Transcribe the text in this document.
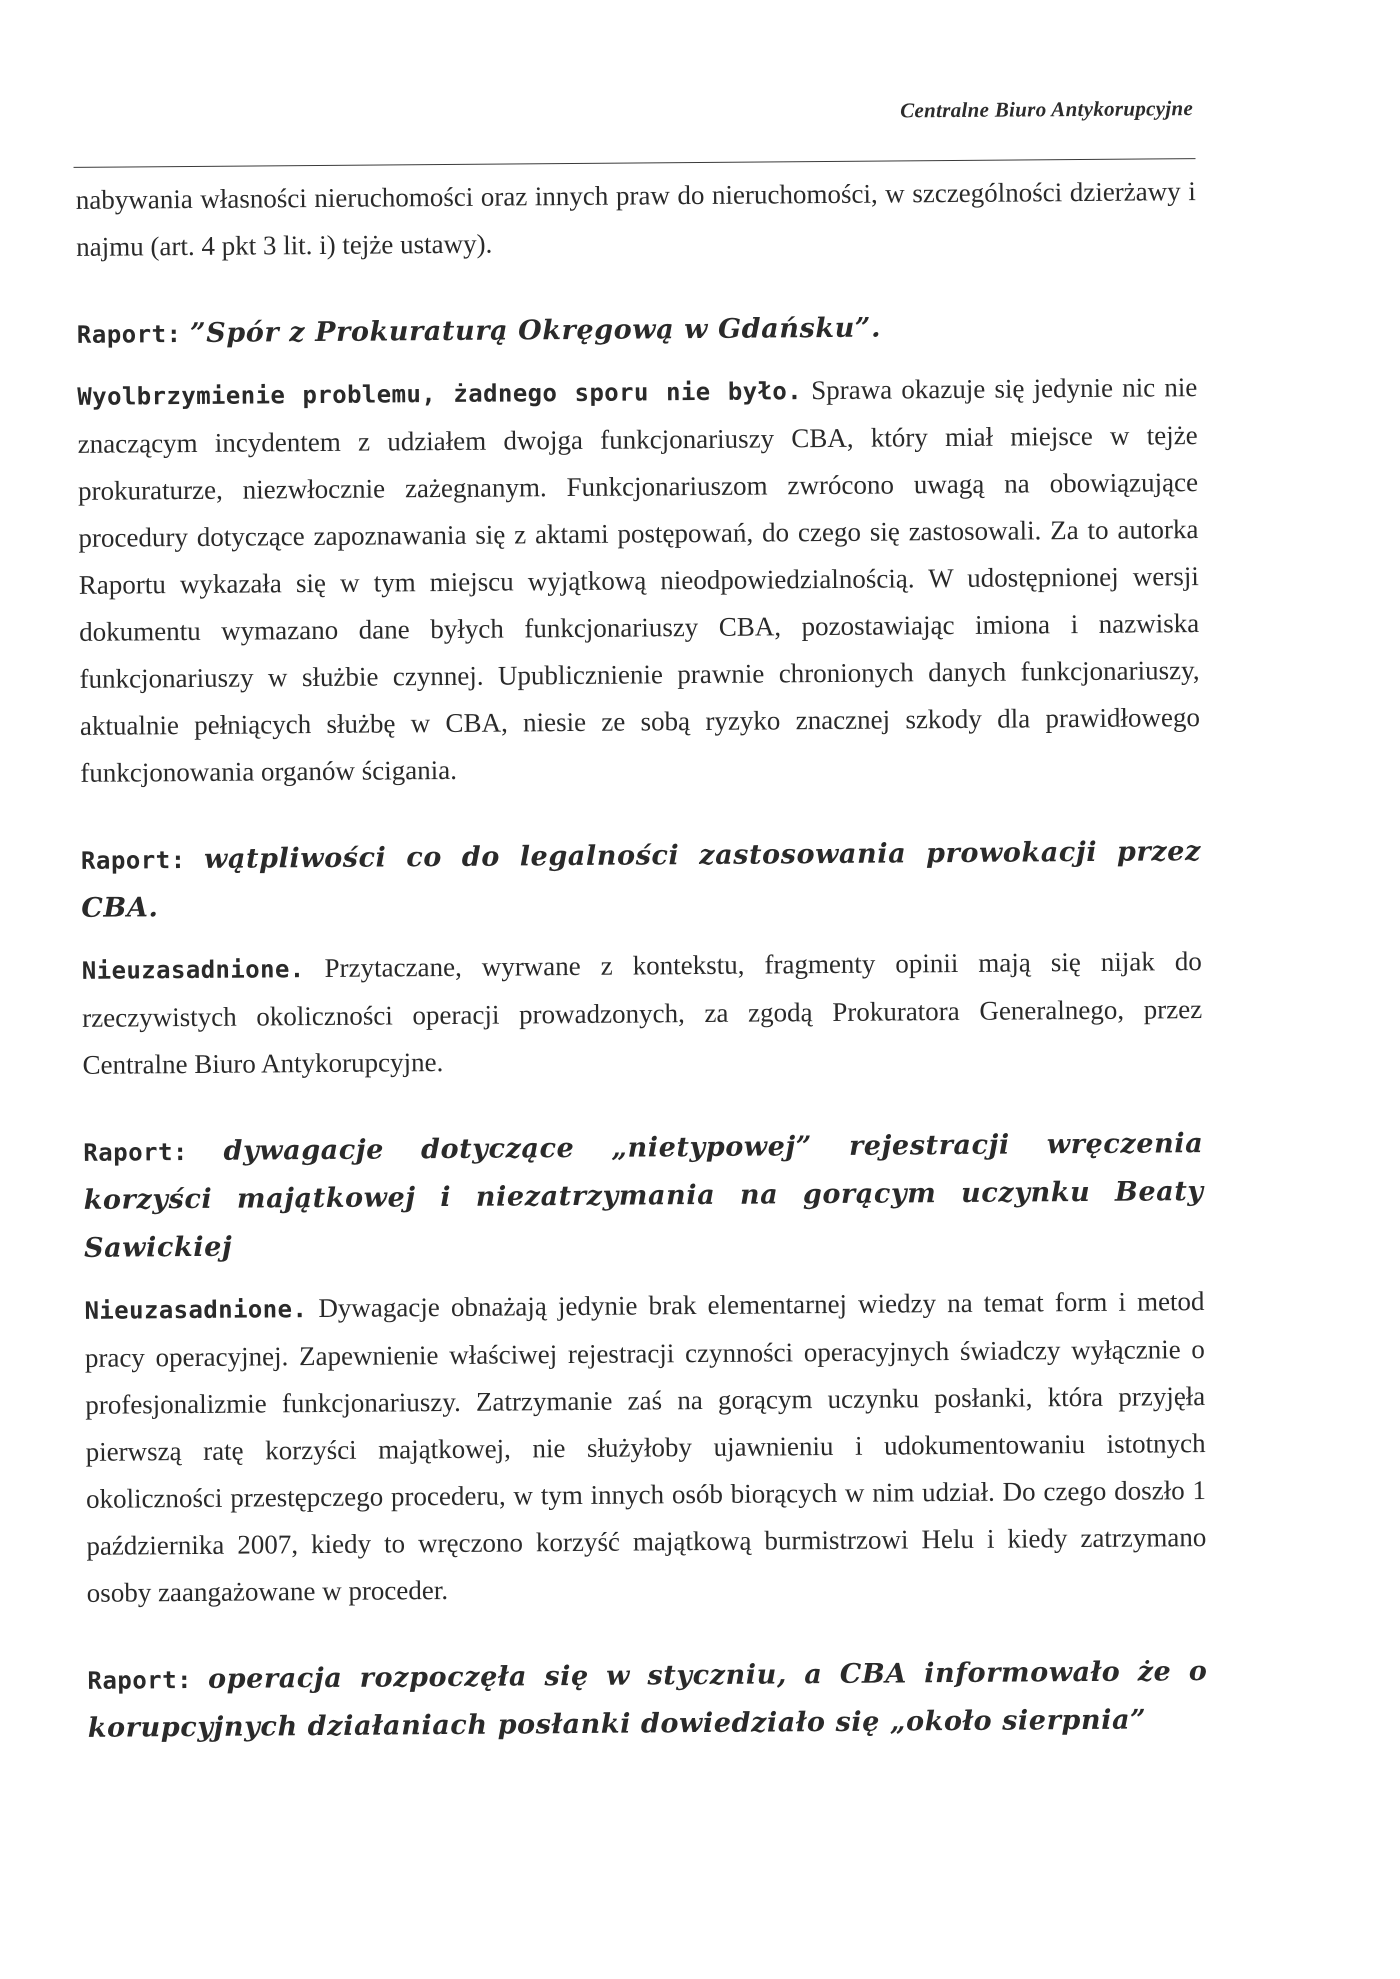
Centralne Biuro Antykorupcyjne

nabywania własności nieruchomości oraz innych praw do nieruchomości, w szczególności dzierżawy i najmu (art. 4 pkt 3 lit. i) tejże ustawy).

Raport: ”Spór z Prokuraturą Okręgową w Gdańsku”.

Wyolbrzymienie problemu, żadnego sporu nie było. Sprawa okazuje się jedynie nic nie znaczącym incydentem z udziałem dwojga funkcjonariuszy CBA, który miał miejsce w tejże prokuraturze, niezwłocznie zażegnanym. Funkcjonariuszom zwrócono uwagą na obowiązujące procedury dotyczące zapoznawania się z aktami postępowań, do czego się zastosowali. Za to autorka Raportu wykazała się w tym miejscu wyjątkową nieodpowiedzialnością. W udostępnionej wersji dokumentu wymazano dane byłych funkcjonariuszy CBA, pozostawiając imiona i nazwiska funkcjonariuszy w służbie czynnej. Upublicznienie prawnie chronionych danych funkcjonariuszy, aktualnie pełniących służbę w CBA, niesie ze sobą ryzyko znacznej szkody dla prawidłowego funkcjonowania organów ścigania.

Raport: wątpliwości co do legalności zastosowania prowokacji przez CBA.

Nieuzasadnione. Przytaczane, wyrwane z kontekstu, fragmenty opinii mają się nijak do rzeczywistych okoliczności operacji prowadzonych, za zgodą Prokuratora Generalnego, przez Centralne Biuro Antykorupcyjne.

Raport: dywagacje dotyczące „nietypowej” rejestracji wręczenia korzyści majątkowej i niezatrzymania na gorącym uczynku Beaty Sawickiej

Nieuzasadnione. Dywagacje obnażają jedynie brak elementarnej wiedzy na temat form i metod pracy operacyjnej. Zapewnienie właściwej rejestracji czynności operacyjnych świadczy wyłącznie o profesjonalizmie funkcjonariuszy. Zatrzymanie zaś na gorącym uczynku posłanki, która przyjęła pierwszą ratę korzyści majątkowej, nie służyłoby ujawnieniu i udokumentowaniu istotnych okoliczności przestępczego procederu, w tym innych osób biorących w nim udział. Do czego doszło 1 października 2007, kiedy to wręczono korzyść majątkową burmistrzowi Helu i kiedy zatrzymano osoby zaangażowane w proceder.

Raport: operacja rozpoczęła się w styczniu, a CBA informowało że o korupcyjnych działaniach posłanki dowiedziało się „około sierpnia”
